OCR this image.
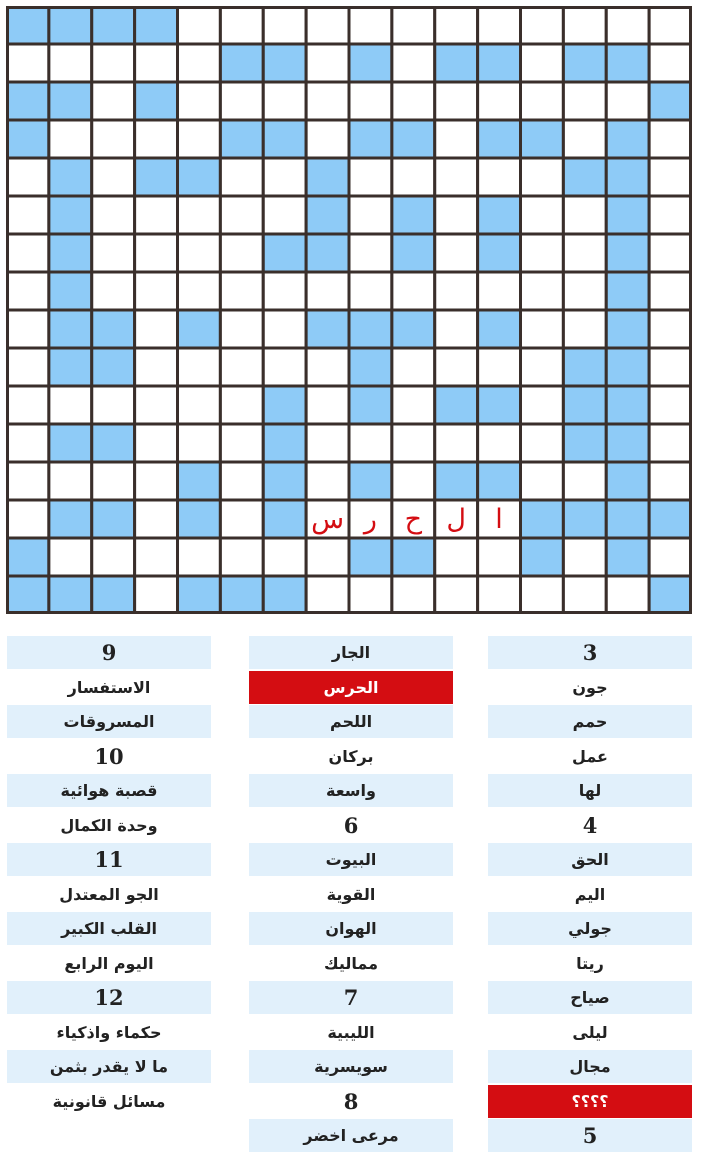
س ر ح ل ا
9
الاستفسار
المسروقات
10
قصبة هوائية
وحدة الكمال
11
الجو المعتدل
القلب الكبير
اليوم الرابع
12
حكماء واذكياء
ما لا يقدر بثمن
مسائل قانونية
الجار
الحرس
اللحم
بركان
واسعة
6
البيوت
القوية
الهوان
مماليك
7
الليبية
سويسرية
8
مرعى اخضر
3
جون
حمم
عمل
لها
4
الحق
اليم
جولي
ريتا
صياح
ليلى
مجال
؟؟؟؟
5
